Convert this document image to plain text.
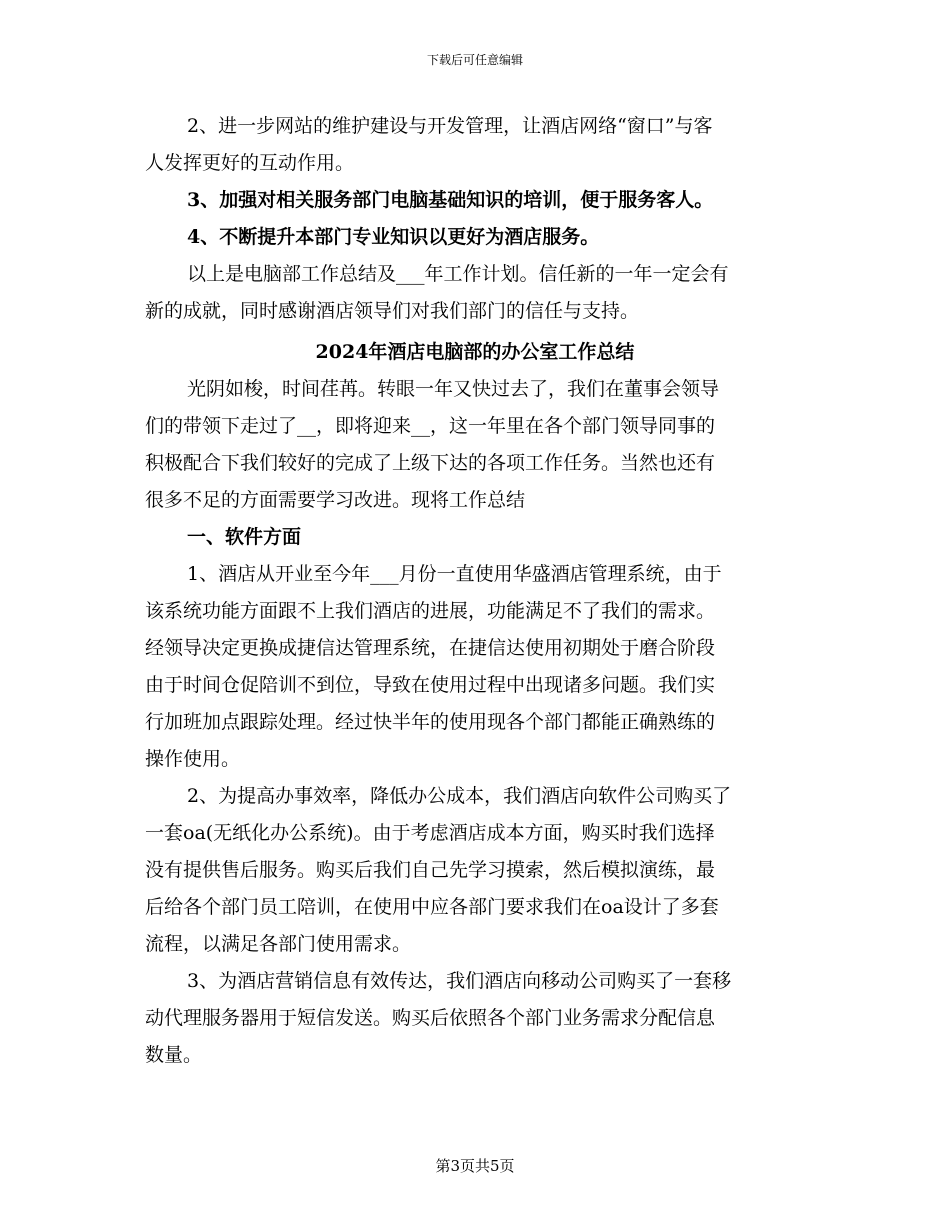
下载后可任意编辑
2、进一步网站的维护建设与开发管理，让酒店网络“窗口”与客
人发挥更好的互动作用。
3、加强对相关服务部门电脑基础知识的培训，便于服务客人。
4、不断提升本部门专业知识以更好为酒店服务。
以上是电脑部工作总结及___年工作计划。信任新的一年一定会有
新的成就，同时感谢酒店领导们对我们部门的信任与支持。
2024年酒店电脑部的办公室工作总结
光阴如梭，时间荏苒。转眼一年又快过去了，我们在董事会领导
们的带领下走过了__，即将迎来__，这一年里在各个部门领导同事的
积极配合下我们较好的完成了上级下达的各项工作任务。当然也还有
很多不足的方面需要学习改进。现将工作总结
一、软件方面
1、酒店从开业至今年___月份一直使用华盛酒店管理系统，由于
该系统功能方面跟不上我们酒店的进展，功能满足不了我们的需求。
经领导决定更换成捷信达管理系统，在捷信达使用初期处于磨合阶段
由于时间仓促陪训不到位，导致在使用过程中出现诸多问题。我们实
行加班加点跟踪处理。经过快半年的使用现各个部门都能正确熟练的
操作使用。
2、为提高办事效率，降低办公成本，我们酒店向软件公司购买了
一套oa(无纸化办公系统)。由于考虑酒店成本方面，购买时我们选择
没有提供售后服务。购买后我们自己先学习摸索，然后模拟演练，最
后给各个部门员工陪训，在使用中应各部门要求我们在oa设计了多套
流程，以满足各部门使用需求。
3、为酒店营销信息有效传达，我们酒店向移动公司购买了一套移
动代理服务器用于短信发送。购买后依照各个部门业务需求分配信息
数量。
第3页共5页
